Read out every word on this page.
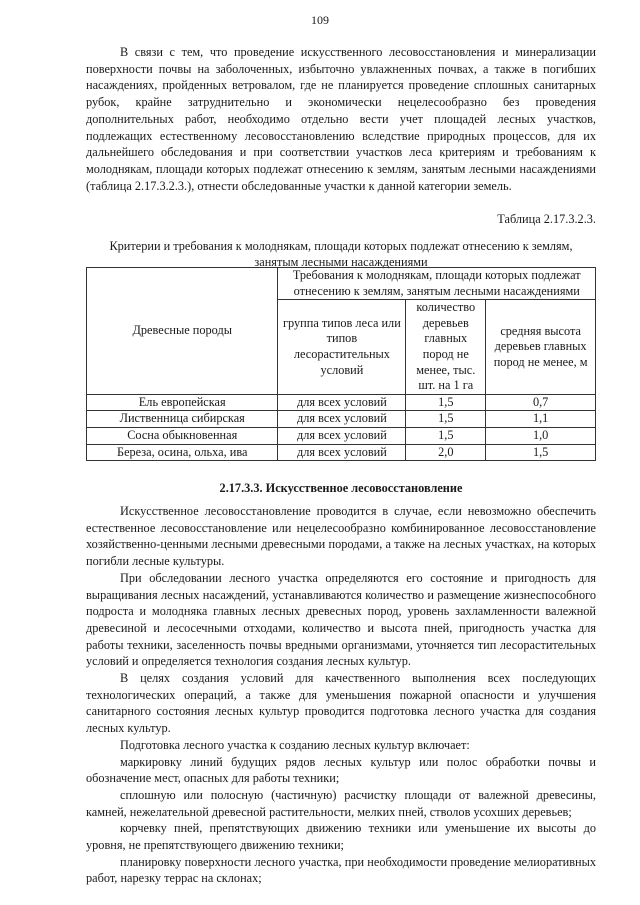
109

В связи с тем, что проведение искусственного лесовосстановления и минерализации поверхности почвы на заболоченных, избыточно увлажненных почвах, а также в погибших насаждениях, пройденных ветровалом, где не планируется проведение сплошных санитарных рубок, крайне затруднительно и экономически нецелесообразно без проведения дополнительных работ, необходимо отдельно вести учет площадей лесных участков, подлежащих естественному лесовосстановлению вследствие природных процессов, для их дальнейшего обследования и при соответствии участков леса критериям и требованиям к молоднякам, площади которых подлежат отнесению к землям, занятым лесными насаждениями (таблица 2.17.3.2.3.), отнести обследованные участки к данной категории земель.

Таблица 2.17.3.2.3.
Критерии и требования к молоднякам, площади которых подлежат отнесению к землям, занятым лесными насаждениями
Древесные породы	Требования к молоднякам, площади которых подлежат отнесению к землям, занятым лесными насаждениями		
	группа типов леса или типов лесорастительных условий	количество деревьев главных пород не менее, тыс. шт. на 1 га	средняя высота деревьев главных пород не менее, м
Ель европейская	для всех условий	1,5	0,7
Лиственница сибирская	для всех условий	1,5	1,1
Сосна обыкновенная	для всех условий	1,5	1,0
Береза, осина, ольха, ива	для всех условий	2,0	1,5
2.17.3.3. Искусственное лесовосстановление

Искусственное лесовосстановление проводится в случае, если невозможно обеспечить естественное лесовосстановление или нецелесообразно комбинированное лесовосстановление хозяйственно-ценными лесными древесными породами, а также на лесных участках, на которых погибли лесные культуры.

При обследовании лесного участка определяются его состояние и пригодность для выращивания лесных насаждений, устанавливаются количество и размещение жизнеспособного подроста и молодняка главных лесных древесных пород, уровень захламленности валежной древесиной и лесосечными отходами, количество и высота пней, пригодность участка для работы техники, заселенность почвы вредными организмами, уточняется тип лесорастительных условий и определяется технология создания лесных культур.

В целях создания условий для качественного выполнения всех последующих технологических операций, а также для уменьшения пожарной опасности и улучшения санитарного состояния лесных культур проводится подготовка лесного участка для создания лесных культур.

Подготовка лесного участка к созданию лесных культур включает:

маркировку линий будущих рядов лесных культур или полос обработки почвы и обозначение мест, опасных для работы техники;

сплошную или полосную (частичную) расчистку площади от валежной древесины, камней, нежелательной древесной растительности, мелких пней, стволов усохших деревьев;

корчевку пней, препятствующих движению техники или уменьшение их высоты до уровня, не препятствующего движению техники;

планировку поверхности лесного участка, при необходимости проведение мелиоративных работ, нарезку террас на склонах;
